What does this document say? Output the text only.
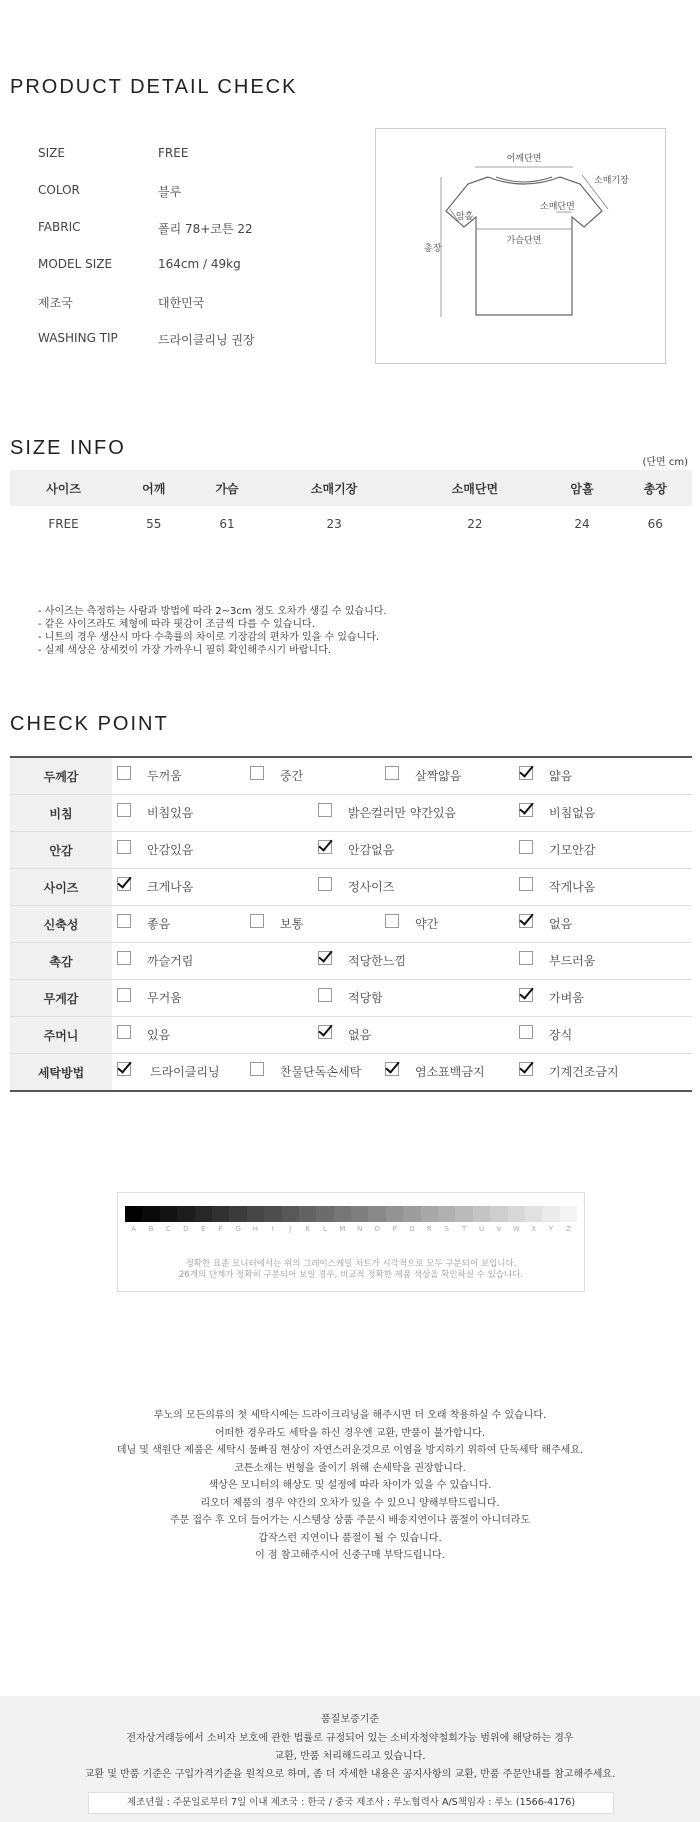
PRODUCT DETAIL CHECK
어깨단면
소매기장
암홀
소매단면
가슴단면
총장
SIZE INFO
(단면 cm)
사이즈	어깨	가슴	소매기장	소매단면	암홀	총장
FREE	55	61	23	22	24	66
- 사이즈는 측정하는 사람과 방법에 따라 2~3cm 정도 오차가 생길 수 있습니다.
- 같은 사이즈라도 체형에 따라 핏감이 조금씩 다를 수 있습니다.
- 니트의 경우 생산시 마다 수축률의 차이로 기장감의 편차가 있을 수 있습니다.
- 실제 색상은 상세컷이 가장 가까우니 필히 확인해주시기 바랍니다.
CHECK POINT
두께감	두꺼움 중간 살짝얇음 얇음

비침	비침있음 밝은컬러만 약간있음 비침없음

안감	안감있음 안감없음 기모안감

사이즈	크게나옴 정사이즈 작게나옴

신축성	좋음 보통 약간 없음

촉감	까슬거림 적당한느낌 부드러움

무게감	무거움 적당함 가벼움

주머니	있음 없음 장식

세탁방법	드라이클리닝 찬물단독손세탁 염소표백금지 기계건조금지
A	B	C	D	E	F	G	H	I	J	K	L	M	N	O	P	Q	R	S	T	U	V	W	X	Y	Z
정확한 표준 모니터에서는 위의 그레이스케일 차트가 시각적으로 모두 구분되어 보입니다.
26개의 단계가 정확히 구분되어 보일 경우, 비교적 정확한 제품 색상을 확인하실 수 있습니다.
루노의 모든의류의 첫 세탁시에는 드라이크리닝을 해주시면 더 오래 착용하실 수 있습니다.
어떠한 경우라도 세탁을 하신 경우엔 교환, 반품이 불가합니다.
데님 및 색원단 제품은 세탁시 물빠짐 현상이 자연스러운것으로 이염을 방지하기 위하여 단독세탁 해주세요.
코튼소재는 변형을 줄이기 위해 손세탁을 권장합니다.
색상은 모니터의 해상도 및 설정에 따라 차이가 있을 수 있습니다.
리오더 제품의 경우 약간의 오차가 있을 수 있으니 양해부탁드립니다.
주문 접수 후 오더 들어가는 시스템상 상품 주문시 배송지연이나 품절이 아니더라도
갑작스런 지연이나 품절이 될 수 있습니다.
이 점 참고해주시어 신중구매 부탁드립니다.
품질보증기준
전자상거래등에서 소비자 보호에 관한 법률로 규정되어 있는 소비자청약철회가능 범위에 해당하는 경우
교환, 반품 처리해드리고 있습니다.
교환 및 반품 기준은 구입가격기준을 원칙으로 하며, 좀 더 자세한 내용은 공지사항의 교환, 반품 주문안내를 참고해주세요.
제조년월 : 주문일로부터 7일 이내 제조국 : 한국 / 중국 제조사 : 루노협력사 A/S책임자 : 루노 (1566-4176)
SIZE	FREE
COLOR	블루
FABRIC	폴리 78+코튼 22
MODEL SIZE	164cm / 49kg
제조국	대한민국
WASHING TIP	드라이클리닝 권장
